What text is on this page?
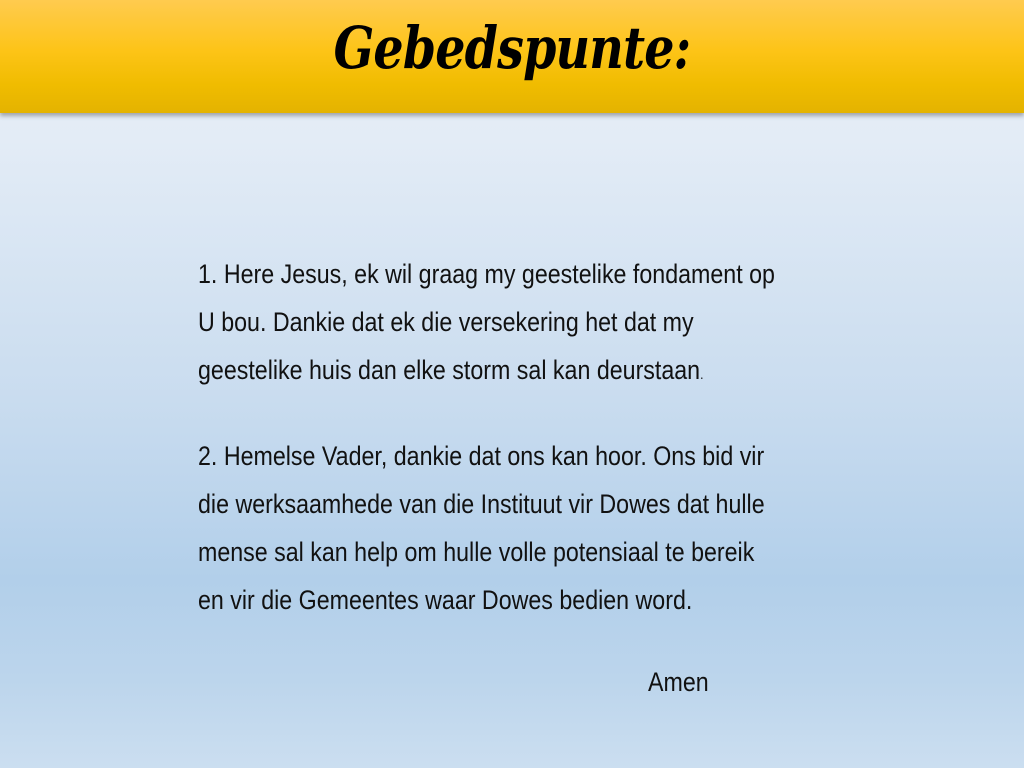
Gebedspunte:
1. Here Jesus, ek wil graag my geestelike fondament op
U bou. Dankie dat ek die versekering het dat my
geestelike huis dan elke storm sal kan deurstaan.
2. Hemelse Vader, dankie dat ons kan hoor. Ons bid vir
die werksaamhede van die Instituut vir Dowes dat hulle
mense sal kan help om hulle volle potensiaal te bereik
en vir die Gemeentes waar Dowes bedien word.
Amen
